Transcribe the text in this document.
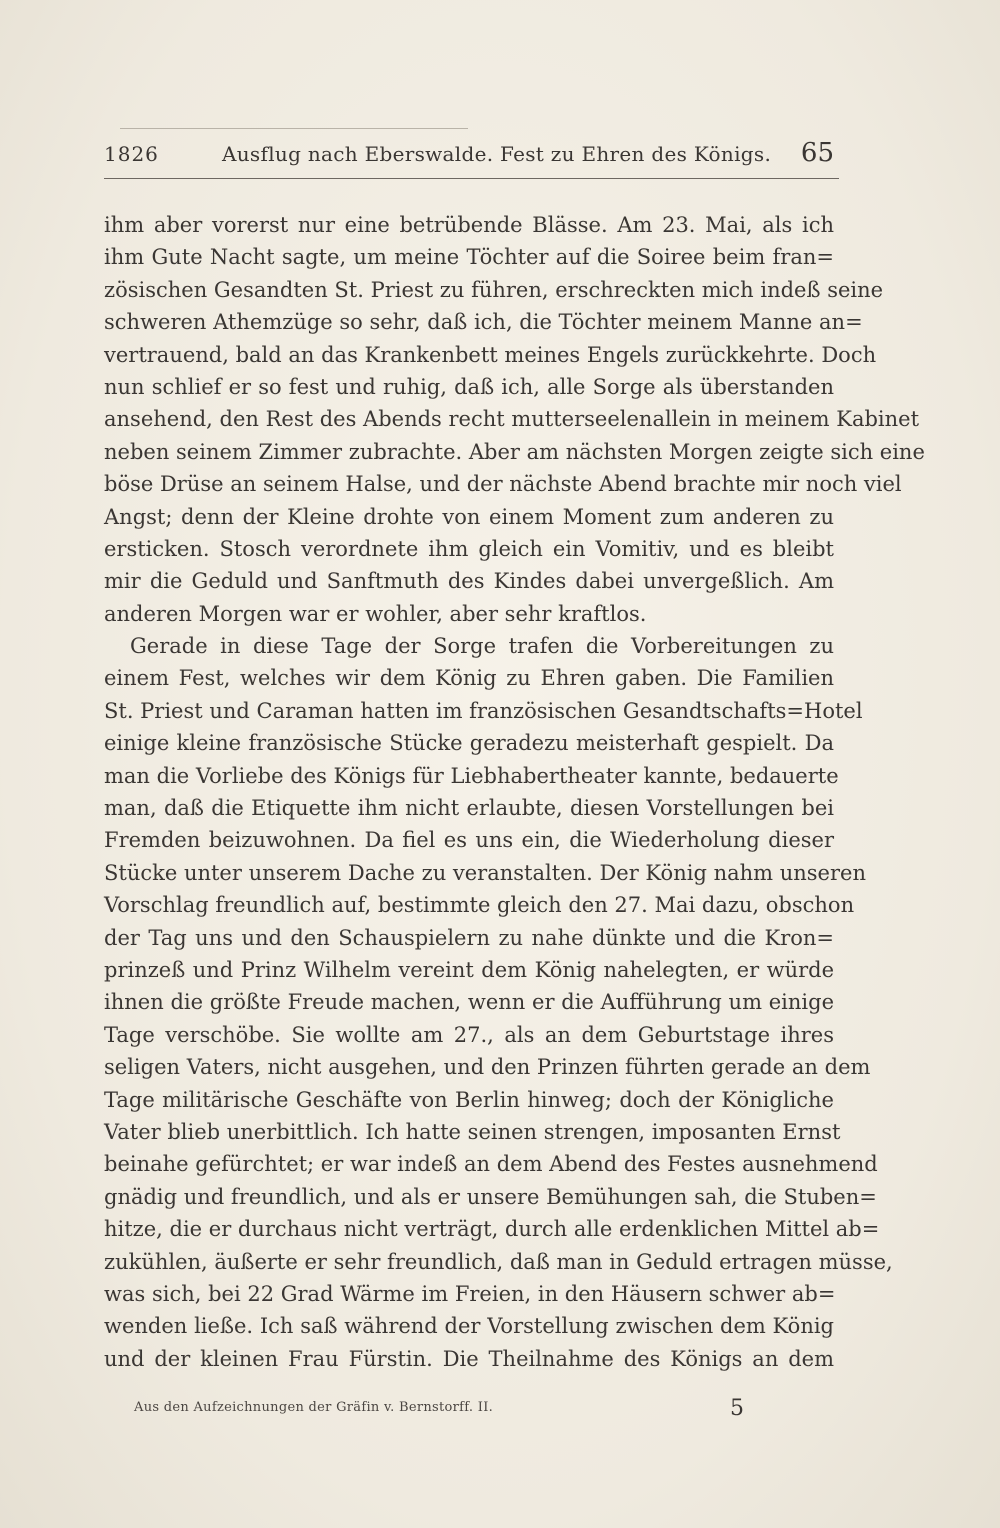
1826	Ausflug nach Eberswalde. Fest zu Ehren des Königs. 65
ihm aber vorerst nur eine betrübende Blässe. Am 23. Mai, als ich
ihm Gute Nacht sagte, um meine Töchter auf die Soiree beim fran=
zösischen Gesandten St. Priest zu führen, erschreckten mich indeß seine
schweren Athemzüge so sehr, daß ich, die Töchter meinem Manne an=
vertrauend, bald an das Krankenbett meines Engels zurückkehrte. Doch
nun schlief er so fest und ruhig, daß ich, alle Sorge als überstanden
ansehend, den Rest des Abends recht mutterseelenallein in meinem Kabinet
neben seinem Zimmer zubrachte. Aber am nächsten Morgen zeigte sich eine
böse Drüse an seinem Halse, und der nächste Abend brachte mir noch viel
Angst; denn der Kleine drohte von einem Moment zum anderen zu
ersticken. Stosch verordnete ihm gleich ein Vomitiv, und es bleibt
mir die Geduld und Sanftmuth des Kindes dabei unvergeßlich. Am
anderen Morgen war er wohler, aber sehr kraftlos.
Gerade in diese Tage der Sorge trafen die Vorbereitungen zu
einem Fest, welches wir dem König zu Ehren gaben. Die Familien
St. Priest und Caraman hatten im französischen Gesandtschafts=Hotel
einige kleine französische Stücke geradezu meisterhaft gespielt. Da
man die Vorliebe des Königs für Liebhabertheater kannte, bedauerte
man, daß die Etiquette ihm nicht erlaubte, diesen Vorstellungen bei
Fremden beizuwohnen. Da fiel es uns ein, die Wiederholung dieser
Stücke unter unserem Dache zu veranstalten. Der König nahm unseren
Vorschlag freundlich auf, bestimmte gleich den 27. Mai dazu, obschon
der Tag uns und den Schauspielern zu nahe dünkte und die Kron=
prinzeß und Prinz Wilhelm vereint dem König nahelegten, er würde
ihnen die größte Freude machen, wenn er die Aufführung um einige
Tage verschöbe. Sie wollte am 27., als an dem Geburtstage ihres
seligen Vaters, nicht ausgehen, und den Prinzen führten gerade an dem
Tage militärische Geschäfte von Berlin hinweg; doch der Königliche
Vater blieb unerbittlich. Ich hatte seinen strengen, imposanten Ernst
beinahe gefürchtet; er war indeß an dem Abend des Festes ausnehmend
gnädig und freundlich, und als er unsere Bemühungen sah, die Stuben=
hitze, die er durchaus nicht verträgt, durch alle erdenklichen Mittel ab=
zukühlen, äußerte er sehr freundlich, daß man in Geduld ertragen müsse,
was sich, bei 22 Grad Wärme im Freien, in den Häusern schwer ab=
wenden ließe. Ich saß während der Vorstellung zwischen dem König
und der kleinen Frau Fürstin. Die Theilnahme des Königs an dem
Aus den Aufzeichnungen der Gräfin v. Bernstorff. II.	5
